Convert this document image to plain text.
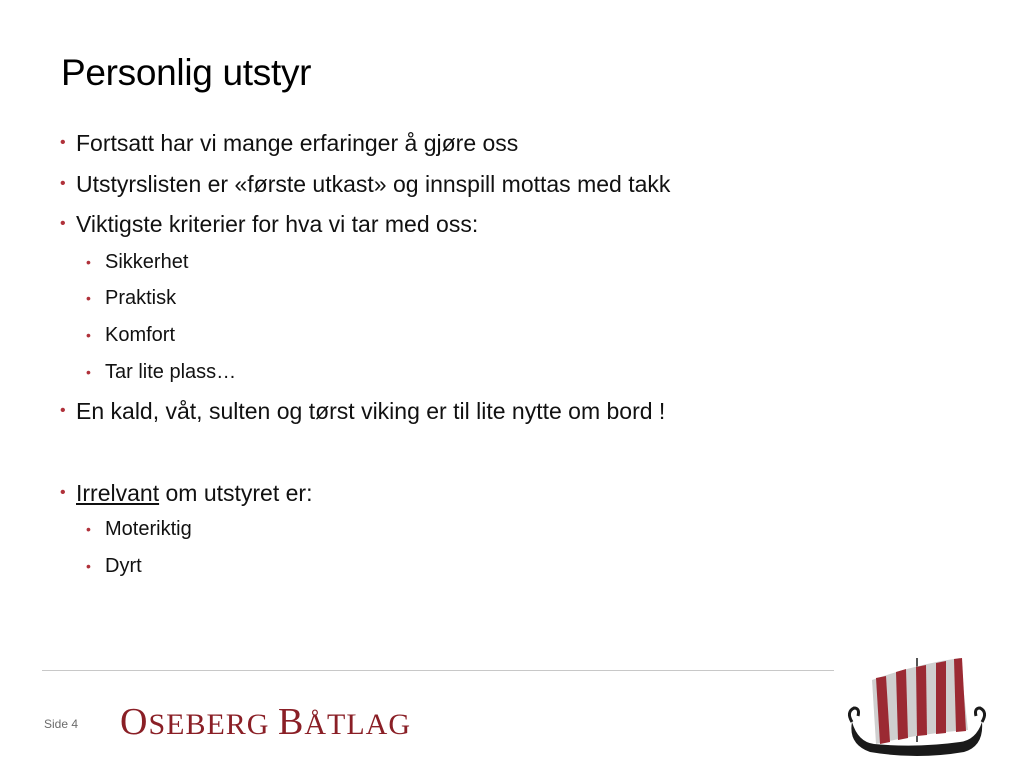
Personlig utstyr
• Fortsatt har vi mange erfaringer å gjøre oss
• Utstyrslisten er «første utkast» og innspill mottas med takk
• Viktigste kriterier for hva vi tar med oss:
• Sikkerhet
• Praktisk
• Komfort
• Tar lite plass…
• En kald, våt, sulten og tørst viking er til lite nytte om bord !
• Irrelvant om utstyret er:
• Moteriktig
• Dyrt
Side 4 OSEBERG BÅTLAG
